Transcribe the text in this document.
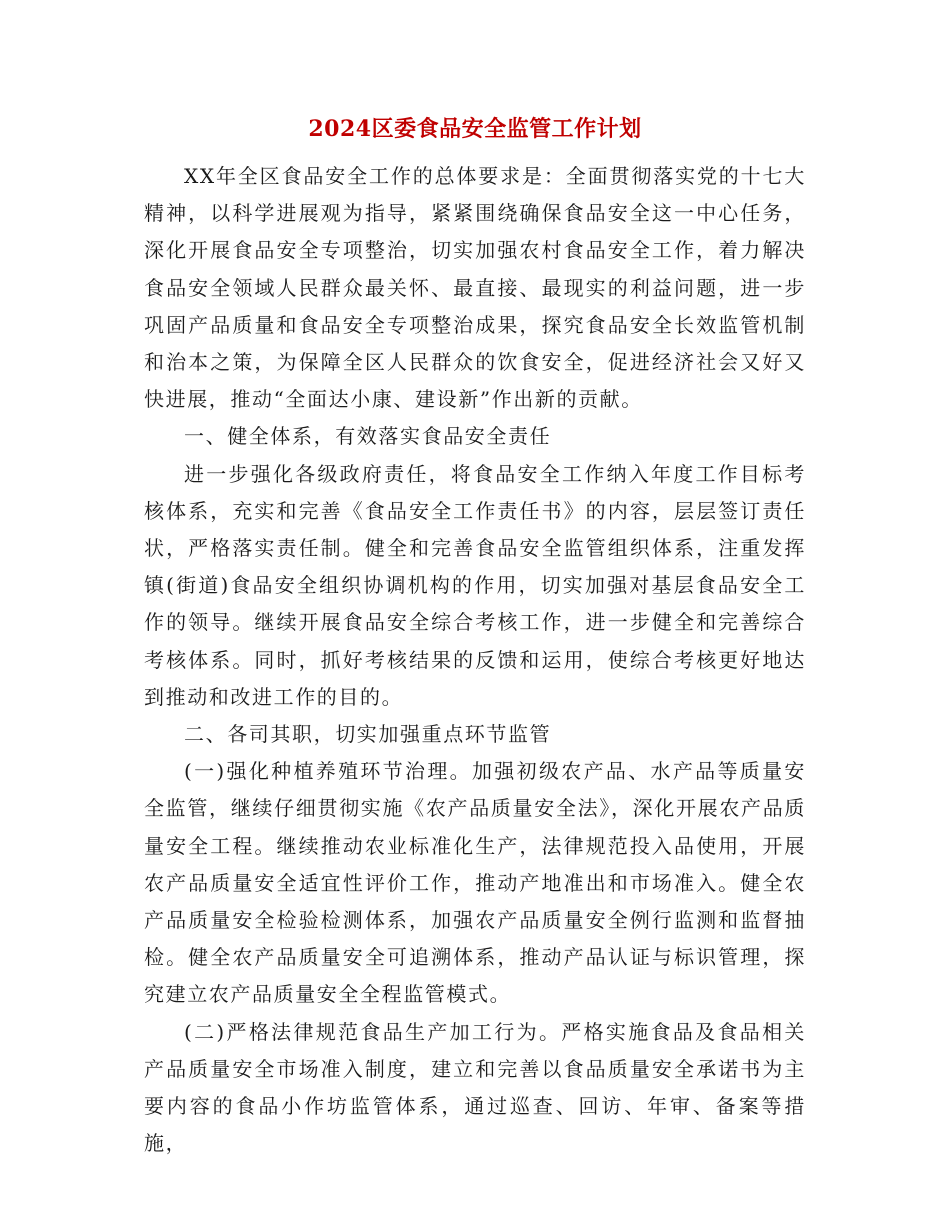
2024区委食品安全监管工作计划

XX年全区食品安全工作的总体要求是：全面贯彻落实党的十七大精神，以科学进展观为指导，紧紧围绕确保食品安全这一中心任务，深化开展食品安全专项整治，切实加强农村食品安全工作，着力解决食品安全领域人民群众最关怀、最直接、最现实的利益问题，进一步巩固产品质量和食品安全专项整治成果，探究食品安全长效监管机制和治本之策，为保障全区人民群众的饮食安全，促进经济社会又好又快进展，推动“全面达小康、建设新”作出新的贡献。

一、健全体系，有效落实食品安全责任

进一步强化各级政府责任，将食品安全工作纳入年度工作目标考核体系，充实和完善《食品安全工作责任书》的内容，层层签订责任状，严格落实责任制。健全和完善食品安全监管组织体系，注重发挥镇(街道)食品安全组织协调机构的作用，切实加强对基层食品安全工作的领导。继续开展食品安全综合考核工作，进一步健全和完善综合考核体系。同时，抓好考核结果的反馈和运用，使综合考核更好地达到推动和改进工作的目的。

二、各司其职，切实加强重点环节监管

(一)强化种植养殖环节治理。加强初级农产品、水产品等质量安全监管，继续仔细贯彻实施《农产品质量安全法》，深化开展农产品质量安全工程。继续推动农业标准化生产，法律规范投入品使用，开展农产品质量安全适宜性评价工作，推动产地准出和市场准入。健全农产品质量安全检验检测体系，加强农产品质量安全例行监测和监督抽检。健全农产品质量安全可追溯体系，推动产品认证与标识管理，探究建立农产品质量安全全程监管模式。

(二)严格法律规范食品生产加工行为。严格实施食品及食品相关产品质量安全市场准入制度，建立和完善以食品质量安全承诺书为主要内容的食品小作坊监管体系，通过巡查、回访、年审、备案等措施，
